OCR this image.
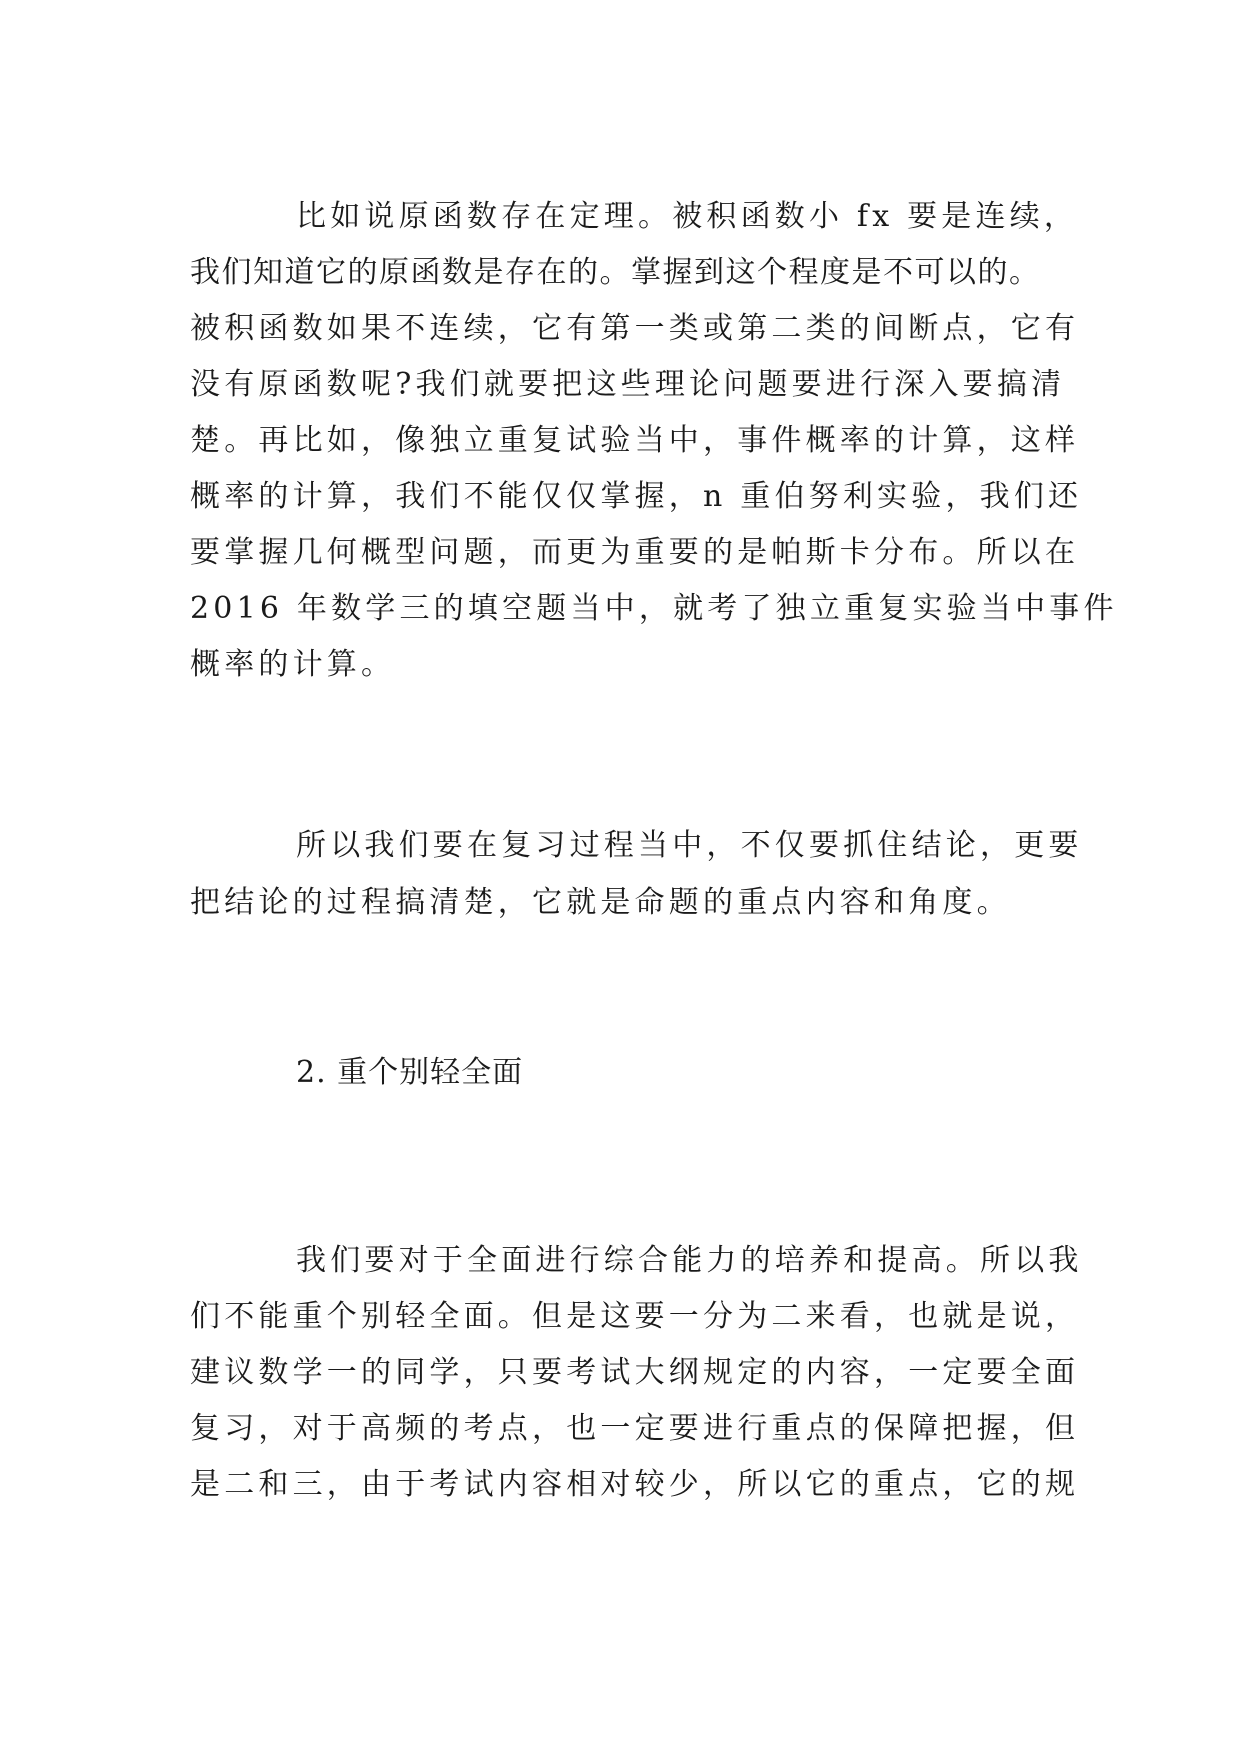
比如说原函数存在定理。被积函数小 fx 要是连续，
我们知道它的原函数是存在的。掌握到这个程度是不可以的。
被积函数如果不连续，它有第一类或第二类的间断点，它有
没有原函数呢?我们就要把这些理论问题要进行深入要搞清
楚。再比如，像独立重复试验当中，事件概率的计算，这样
概率的计算，我们不能仅仅掌握，n 重伯努利实验，我们还
要掌握几何概型问题，而更为重要的是帕斯卡分布。所以在
2016 年数学三的填空题当中，就考了独立重复实验当中事件
概率的计算。
所以我们要在复习过程当中，不仅要抓住结论，更要
把结论的过程搞清楚，它就是命题的重点内容和角度。
2. 重个别轻全面
我们要对于全面进行综合能力的培养和提高。所以我
们不能重个别轻全面。但是这要一分为二来看，也就是说，
建议数学一的同学，只要考试大纲规定的内容，一定要全面
复习，对于高频的考点，也一定要进行重点的保障把握，但
是二和三，由于考试内容相对较少，所以它的重点，它的规
